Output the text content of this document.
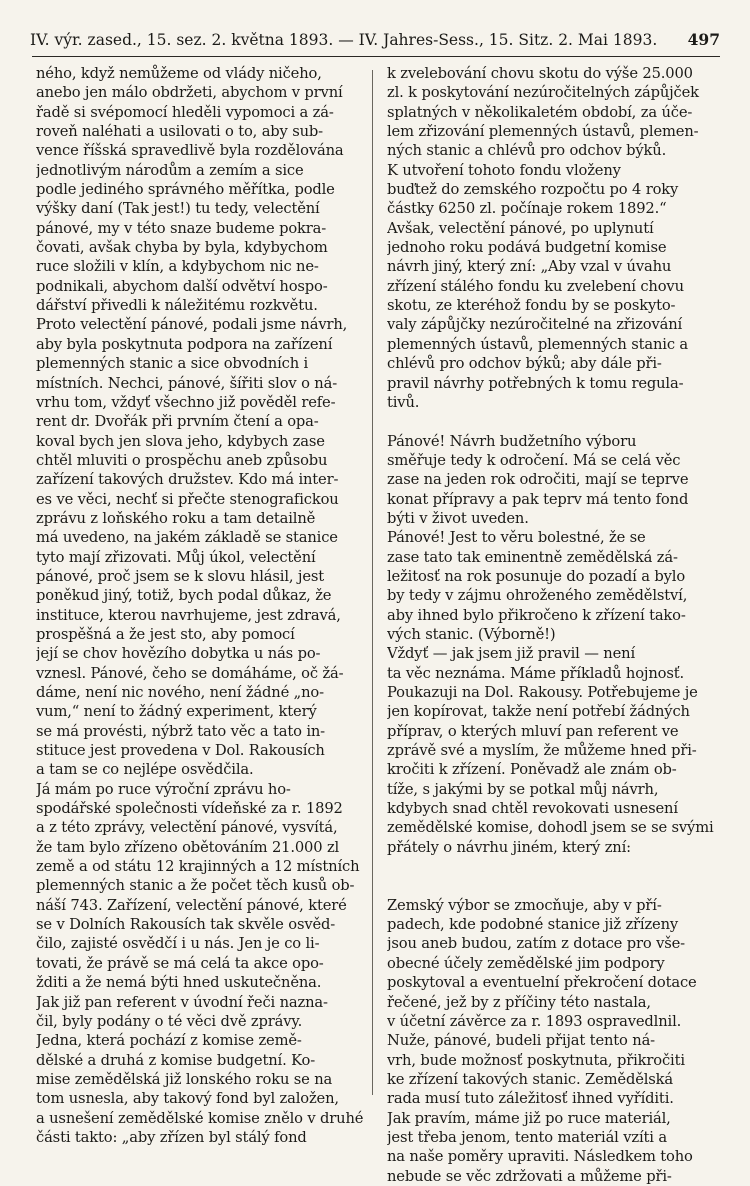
IV. výr. zased., 15. sez. 2. května 1893. — IV. Jahres-Sess., 15. Sitz. 2. Mai 1893. 497
ného, když nemůžeme od vlády ničeho,
anebo jen málo obdržeti, abychom v první
řadě si svépomocí hleděli vypomoci a zá-
roveň naléhati a usilovati o to, aby sub-
vence říšská spravedlivě byla rozdělována
jednotlivým národům a zemím a sice
podle jediného správného měřítka, podle
výšky daní (Tak jest!) tu tedy, velectění
pánové, my v této snaze budeme pokra-
čovati, avšak chyba by byla, kdybychom
ruce složili v klín, a kdybychom nic ne-
podnikali, abychom další odvětví hospo-
dářství přivedli k náležitému rozkvětu.
Proto velectění pánové, podali jsme návrh,
aby byla poskytnuta podpora na zařízení
plemenných stanic a sice obvodních i
místních. Nechci, pánové, šířiti slov o ná-
vrhu tom, vždyť všechno již pověděl refe-
rent dr. Dvořák při prvním čtení a opa-
koval bych jen slova jeho, kdybych zase
chtěl mluviti o prospěchu aneb způsobu
zařízení takových družstev. Kdo má inter-
es ve věci, nechť si přečte stenografickou
zprávu z loňského roku a tam detailně
má uvedeno, na jakém základě se stanice
tyto mají zřizovati. Můj úkol, velectění
pánové, proč jsem se k slovu hlásil, jest
poněkud jiný, totiž, bych podal důkaz, že
instituce, kterou navrhujeme, jest zdravá,
prospěšná a že jest sto, aby pomocí
její se chov hovězího dobytka u nás po-
vznesl. Pánové, čeho se domáháme, oč žá-
dáme, není nic nového, není žádné „no-
vum,“ není to žádný experiment, který
se má provésti, nýbrž tato věc a tato in-
stituce jest provedena v Dol. Rakousích
a tam se co nejlépe osvědčila.
Já mám po ruce výroční zprávu ho-
spodářské společnosti vídeňské za r. 1892
a z této zprávy, velectění pánové, vysvítá,
že tam bylo zřízeno obětováním 21.000 zl
země a od státu 12 krajinných a 12 místních
plemenných stanic a že počet těch kusů ob-
náší 743. Zařízení, velectění pánové, které
se v Dolních Rakousích tak skvěle osvěd-
čilo, zajisté osvědčí i u nás. Jen je co li-
tovati, že právě se má celá ta akce opo-
žditi a že nemá býti hned uskutečněna.
Jak již pan referent v úvodní řeči naznа-
čil, byly podány o té věci dvě zprávy.
Jedna, která pochází z komise země-
dělské a druhá z komise budgetní. Ko-
mise zemědělská již lonského roku se na
tom usnesla, aby takový fond byl založen,
a usnešení zemědělské komise znělo v druhé
části takto: „aby zřízen byl stálý fond
k zvelebování chovu skotu do výše 25.000
zl. k poskytování nezúročitelných zápůjček
splatných v několikaletém období, za úče-
lem zřizování plemenných ústavů, plemen-
ných stanic a chlévů pro odchov býků.
K utvoření tohoto fondu vloženy
buďtež do zemského rozpočtu po 4 roky
částky 6250 zl. počínaje rokem 1892.“
Avšak, velectění pánové, po uplynutí
jednoho roku podává budgetní komise
návrh jiný, který zní: „Aby vzal v úvahu
zřízení stálého fondu ku zvelebení chovu
skotu, ze kteréhož fondu by se poskyto-
valy zápůjčky nezúročitelné na zřizování
plemenných ústavů, plemenných stanic a
chlévů pro odchov býků; aby dále při-
pravil návrhy potřebných k tomu regula-
tivů.

Pánové! Návrh budžetního výboru
směřuje tedy k odročení. Má se celá věc
zase na jeden rok odročiti, mají se teprve
konat přípravy a pak teprv má tento fond
býti v život uveden.
Pánové! Jest to věru bolestné, že se
zase tato tak eminentně zemědělská zá-
ležitosť na rok posunuje do pozadí a bylo
by tedy v zájmu ohroženého zemědělství,
aby ihned bylo přikročeno k zřízení tako-
vých stanic. (Výborně!)
Vždyť — jak jsem již pravil — není
ta věc neznáma. Máme příkladů hojnosť.
Poukazuji na Dol. Rakousy. Potřebujeme je
jen kopírovat, takže není potřebí žádných
příprav, o kterých mluví pan referent ve
zprávě své a myslím, že můžeme hned při-
kročiti k zřízení. Poněvadž ale znám ob-
tíže, s jakými by se potkal můj návrh,
kdybych snad chtěl revokovati usnesení
zemědělské komise, dohodl jsem se se svými
přátely o návrhu jiném, který zní:

Zemský výbor se zmocňuje, aby v pří-
padech, kde podobné stanice již zřízeny
jsou aneb budou, zatím z dotace pro vše-
obecné účely zemědělské jim podpory
poskytoval a eventuelní překročení dotace
řečené, jež by z příčiny této nastala,
v účetní závěrce za r. 1893 ospravedlnil.
Nuže, pánové, budeli přijat tento ná-
vrh, bude možnosť poskytnuta, přikročiti
ke zřízení takových stanic. Zemědělská
rada musí tuto záležitosť ihned vyříditi.
Jak pravím, máme již po ruce materiál,
jest třeba jenom, tento materiál vzíti a
na naše poměry upraviti. Následkem toho
nebude se věc zdržovati a můžeme při-
